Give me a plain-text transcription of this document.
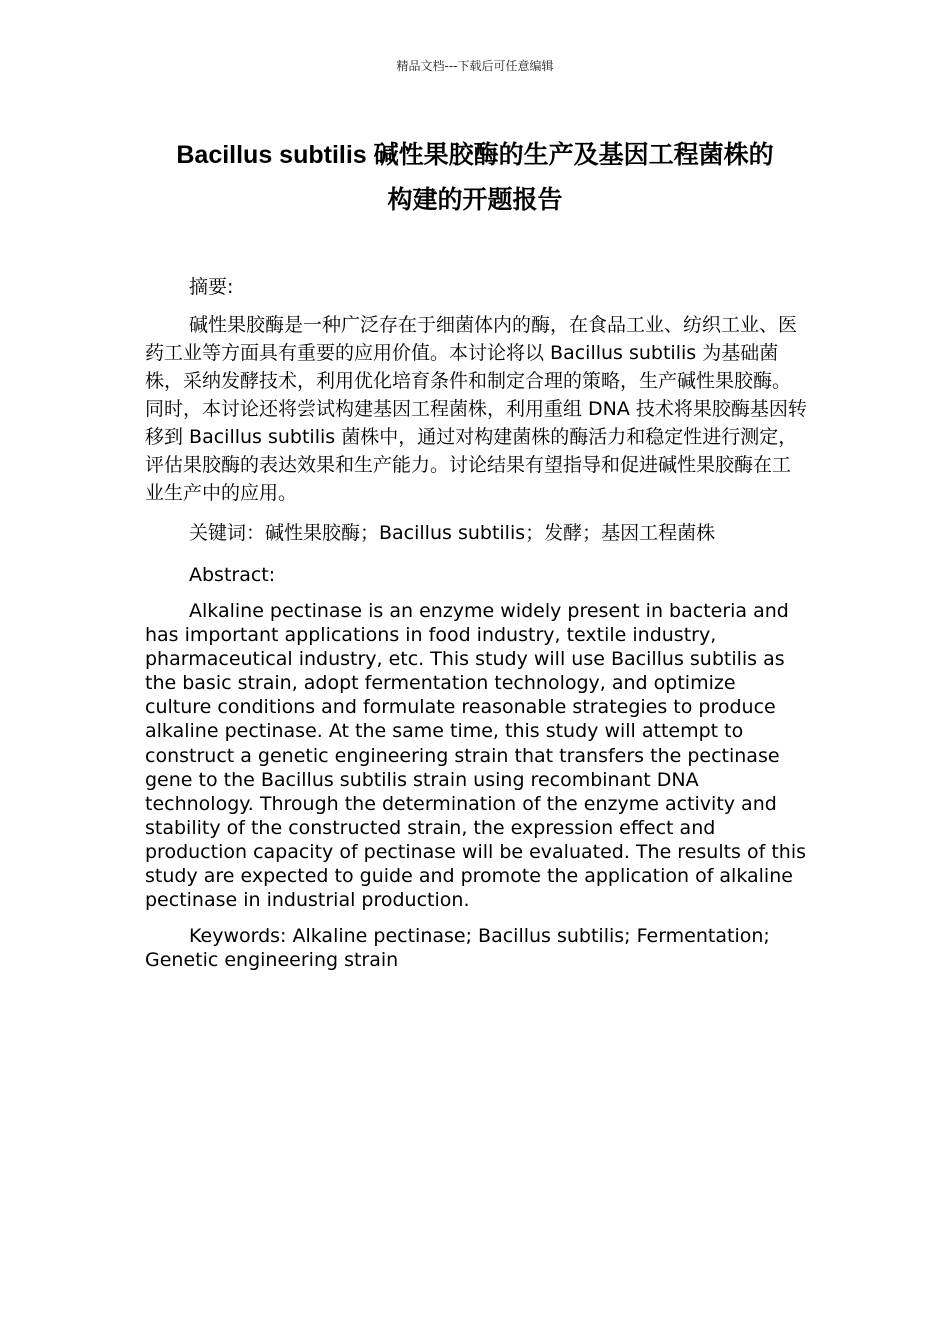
精品文档---下载后可任意编辑
Bacillus subtilis 碱性果胶酶的生产及基因工程菌株的
构建的开题报告

摘要:

碱性果胶酶是一种广泛存在于细菌体内的酶，在食品工业、纺织工业、医药工业等方面具有重要的应用价值。本讨论将以 Bacillus subtilis 为基础菌株，采纳发酵技术，利用优化培育条件和制定合理的策略，生产碱性果胶酶。同时，本讨论还将尝试构建基因工程菌株，利用重组 DNA 技术将果胶酶基因转移到 Bacillus subtilis 菌株中，通过对构建菌株的酶活力和稳定性进行测定，评估果胶酶的表达效果和生产能力。讨论结果有望指导和促进碱性果胶酶在工业生产中的应用。

关键词：碱性果胶酶；Bacillus subtilis；发酵；基因工程菌株

Abstract:

Alkaline pectinase is an enzyme widely present in bacteria and has important applications in food industry, textile industry, pharmaceutical industry, etc. This study will use Bacillus subtilis as the basic strain, adopt fermentation technology, and optimize culture conditions and formulate reasonable strategies to produce alkaline pectinase. At the same time, this study will attempt to construct a genetic engineering strain that transfers the pectinase gene to the Bacillus subtilis strain using recombinant DNA technology. Through the determination of the enzyme activity and stability of the constructed strain, the expression effect and production capacity of pectinase will be evaluated. The results of this study are expected to guide and promote the application of alkaline pectinase in industrial production.

Keywords: Alkaline pectinase; Bacillus subtilis; Fermentation; Genetic engineering strain
